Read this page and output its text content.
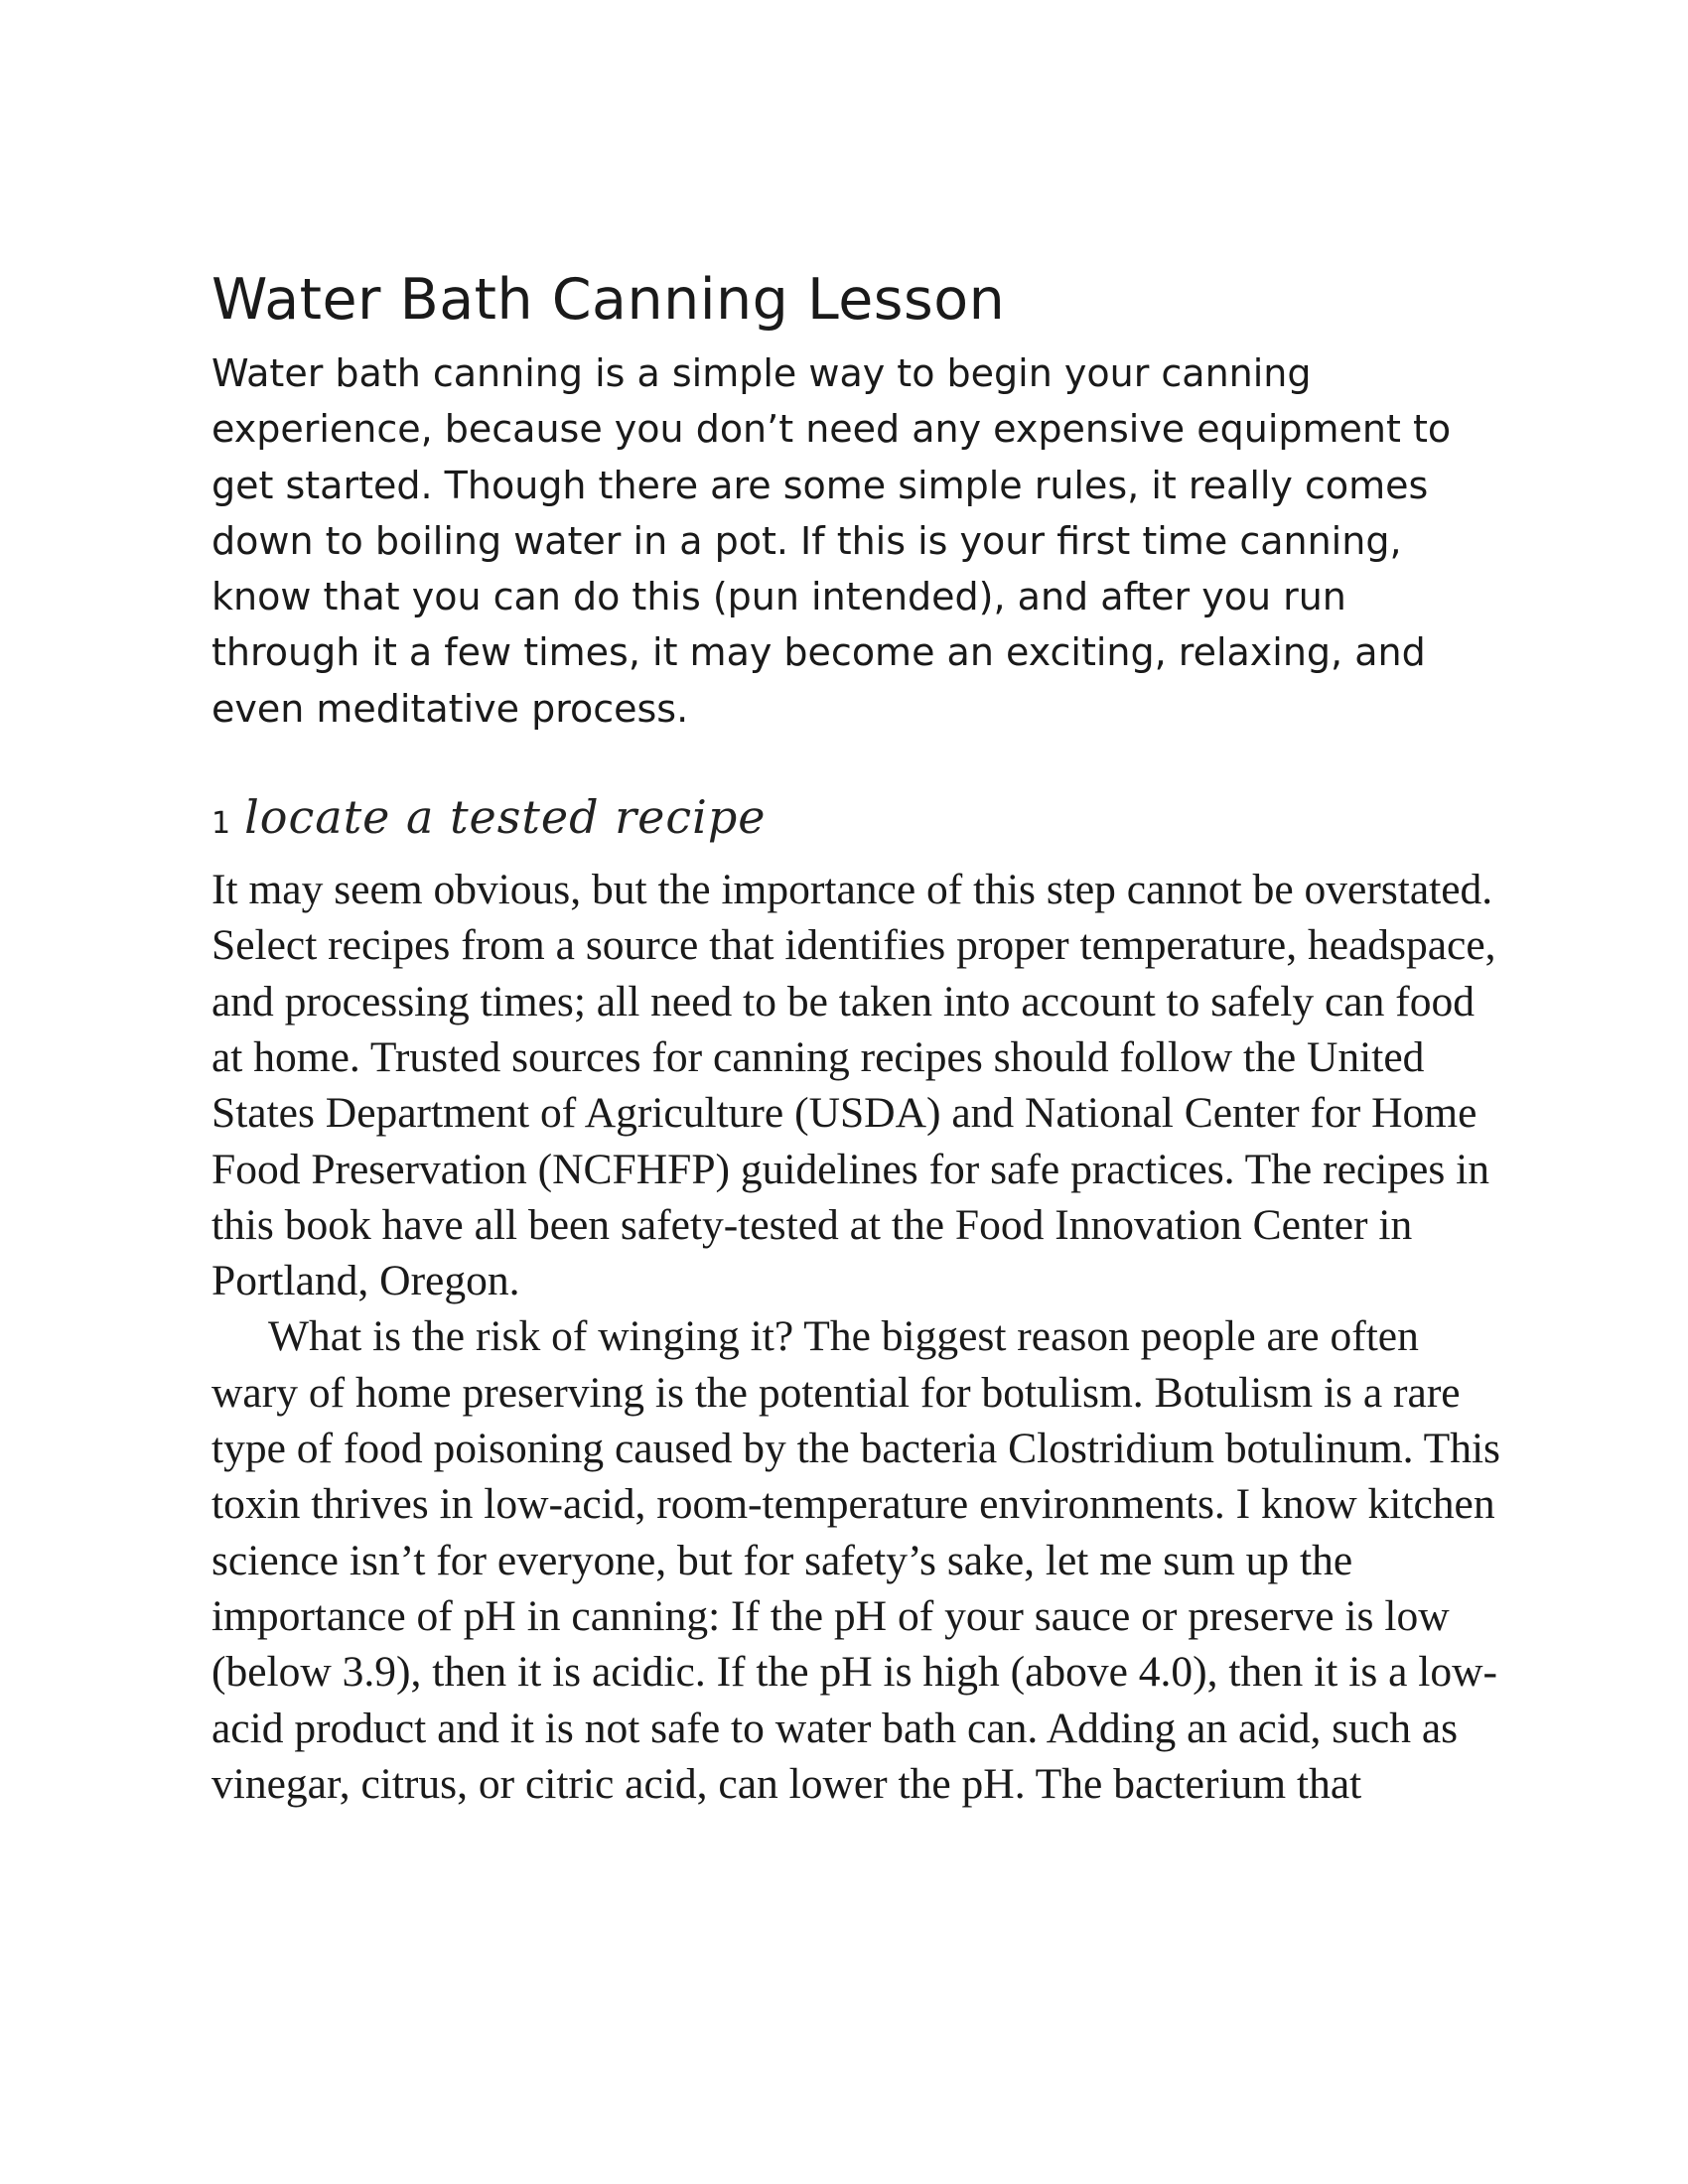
Water Bath Canning Lesson

Water bath canning is a simple way to begin your canning experience, because you don’t need any expensive equipment to get started. Though there are some simple rules, it really comes down to boiling water in a pot. If this is your first time canning, know that you can do this (pun intended), and after you run through it a few times, it may become an exciting, relaxing, and even meditative process.

1 locate a tested recipe

It may seem obvious, but the importance of this step cannot be overstated. Select recipes from a source that identifies proper temperature, headspace, and processing times; all need to be taken into account to safely can food at home. Trusted sources for canning recipes should follow the United States Department of Agriculture (USDA) and National Center for Home Food Preservation (NCFHFP) guidelines for safe practices. The recipes in this book have all been safety-tested at the Food Innovation Center in Portland, Oregon.

What is the risk of winging it? The biggest reason people are often wary of home preserving is the potential for botulism. Botulism is a rare type of food poisoning caused by the bacteria Clostridium botulinum. This toxin thrives in low-acid, room-temperature environments. I know kitchen science isn’t for everyone, but for safety’s sake, let me sum up the importance of pH in canning: If the pH of your sauce or preserve is low (below 3.9), then it is acidic. If the pH is high (above 4.0), then it is a low-acid product and it is not safe to water bath can. Adding an acid, such as vinegar, citrus, or citric acid, can lower the pH. The bacterium that
